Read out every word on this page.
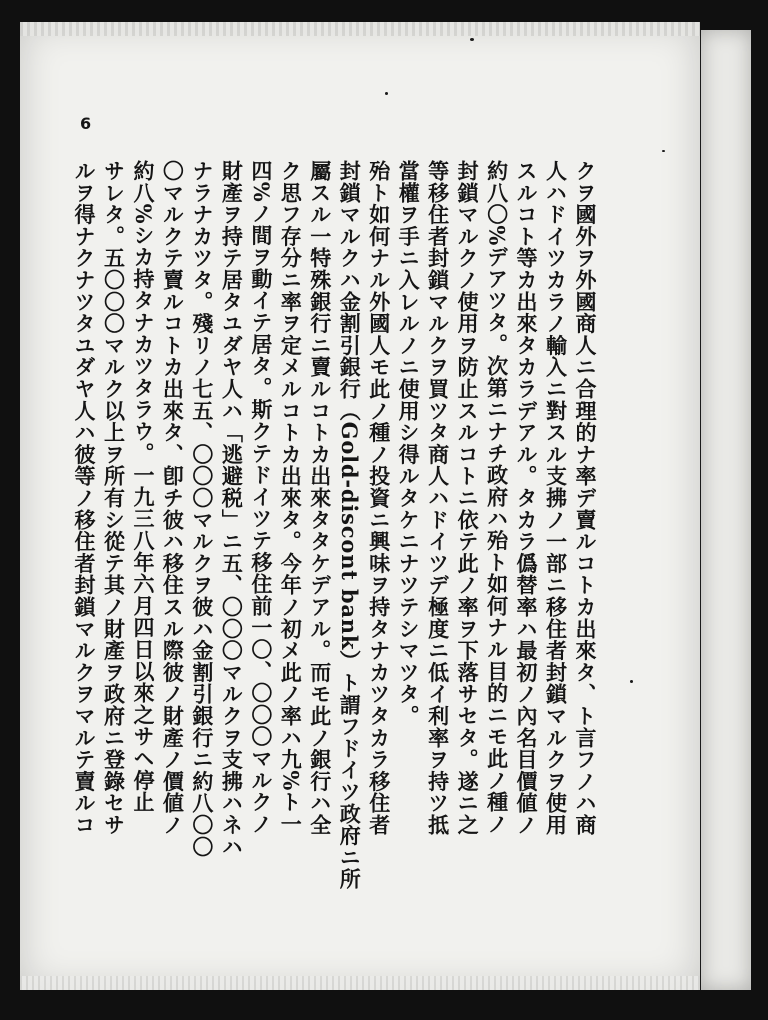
6
クヲ國外ヲ外國商人ニ合理的ナ率デ賣ルコトカ出來タ、ト言フノハ商
人ハドイツカラノ輸入ニ對スル支拂ノ一部ニ移住者封鎖マルクヲ使用
スルコト等カ出來タカラデアル。タカラ僞替率ハ最初ノ內名目價値ノ
約八〇%デアツタ。次第ニナチ政府ハ殆ト如何ナル目的ニモ此ノ種ノ
封鎖マルクノ使用ヲ防止スルコトニ依テ此ノ率ヲ下落サセタ。遂ニ之
等移住者封鎖マルクヲ買ツタ商人ハドイツデ極度ニ低イ利率ヲ持ツ抵
當權ヲ手ニ入レルノニ使用シ得ルタケニナツテシマツタ。
殆ト如何ナル外國人モ此ノ種ノ投資ニ興味ヲ持タナカツタカラ移住者
封鎖マルクハ金割引銀行（Gold-discont bank）ト謂フドイツ政府ニ所
屬スル一特殊銀行ニ賣ルコトカ出來タタケデアル。而モ此ノ銀行ハ全
ク思フ存分ニ率ヲ定メルコトカ出來タ。今年ノ初メ此ノ率ハ九%ト一
四%ノ間ヲ動イテ居タ。斯クテドイツテ移住前一〇、〇〇〇マルクノ
財產ヲ持テ居タユダヤ人ハ「逃避税」ニ五、〇〇〇マルクヲ支拂ハネハ
ナラナカツタ。殘リノ七五、〇〇〇マルクヲ彼ハ金割引銀行ニ約八〇〇
〇マルクテ賣ルコトカ出來タ、卽チ彼ハ移住スル際彼ノ財產ノ價値ノ
約八%シカ持タナカツタラウ。一九三八年六月四日以來之サヘ停止
サレタ。五〇〇〇マルク以上ヲ所有シ從テ其ノ財產ヲ政府ニ登錄セサ
ルヲ得ナクナツタユダヤ人ハ彼等ノ移住者封鎖マルクヲマルテ賣ルコ
